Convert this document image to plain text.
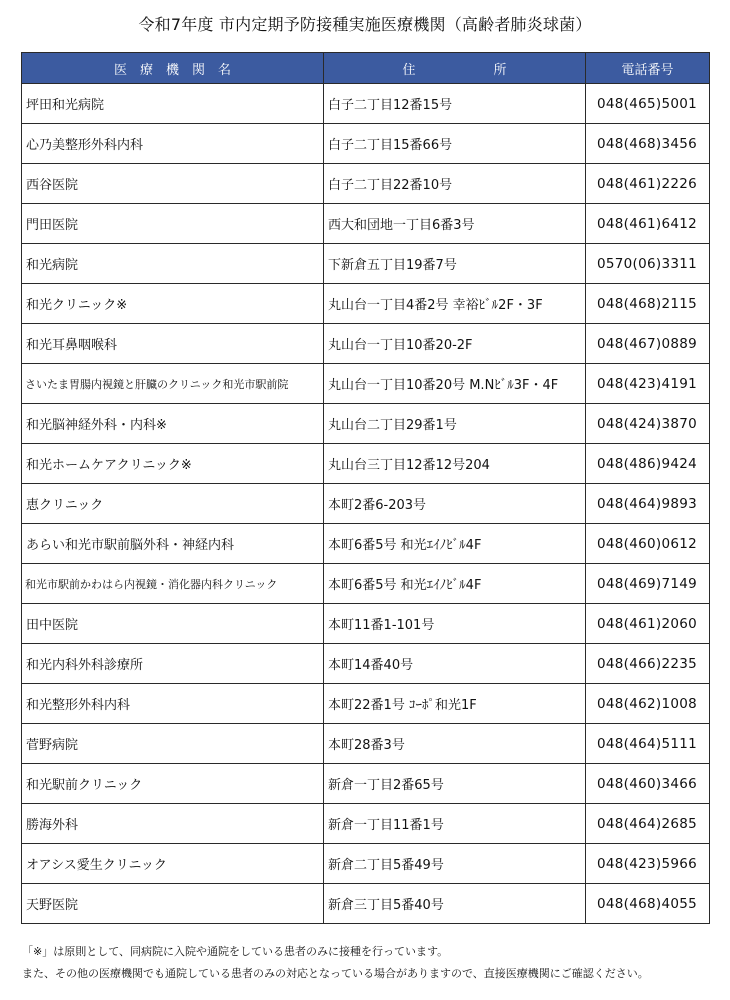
令和7年度 市内定期予防接種実施医療機関（高齢者肺炎球菌）
医　療　機　関　名	住　　　　　　所	電話番号
坪田和光病院	白子二丁目12番15号	048(465)5001
心乃美整形外科内科	白子二丁目15番66号	048(468)3456
西谷医院	白子二丁目22番10号	048(461)2226
門田医院	西大和団地一丁目6番3号	048(461)6412
和光病院	下新倉五丁目19番7号	0570(06)3311
和光クリニック※	丸山台一丁目4番2号 幸裕ﾋﾞﾙ2F・3F	048(468)2115
和光耳鼻咽喉科	丸山台一丁目10番20-2F	048(467)0889
さいたま胃腸内視鏡と肝臓のクリニック和光市駅前院	丸山台一丁目10番20号 M.Nﾋﾞﾙ3F・4F	048(423)4191
和光脳神経外科・内科※	丸山台二丁目29番1号	048(424)3870
和光ホームケアクリニック※	丸山台三丁目12番12号204	048(486)9424
恵クリニック	本町2番6-203号	048(464)9893
あらい和光市駅前脳外科・神経内科	本町6番5号 和光ｴｲﾉﾋﾞﾙ4F	048(460)0612
和光市駅前かわはら内視鏡・消化器内科クリニック	本町6番5号 和光ｴｲﾉﾋﾞﾙ4F	048(469)7149
田中医院	本町11番1-101号	048(461)2060
和光内科外科診療所	本町14番40号	048(466)2235
和光整形外科内科	本町22番1号 ｺｰﾎﾟ和光1F	048(462)1008
菅野病院	本町28番3号	048(464)5111
和光駅前クリニック	新倉一丁目2番65号	048(460)3466
勝海外科	新倉一丁目11番1号	048(464)2685
オアシス愛生クリニック	新倉二丁目5番49号	048(423)5966
天野医院	新倉三丁目5番40号	048(468)4055
「※」は原則として、同病院に入院や通院をしている患者のみに接種を行っています。
また、その他の医療機関でも通院している患者のみの対応となっている場合がありますので、直接医療機関にご確認ください。
